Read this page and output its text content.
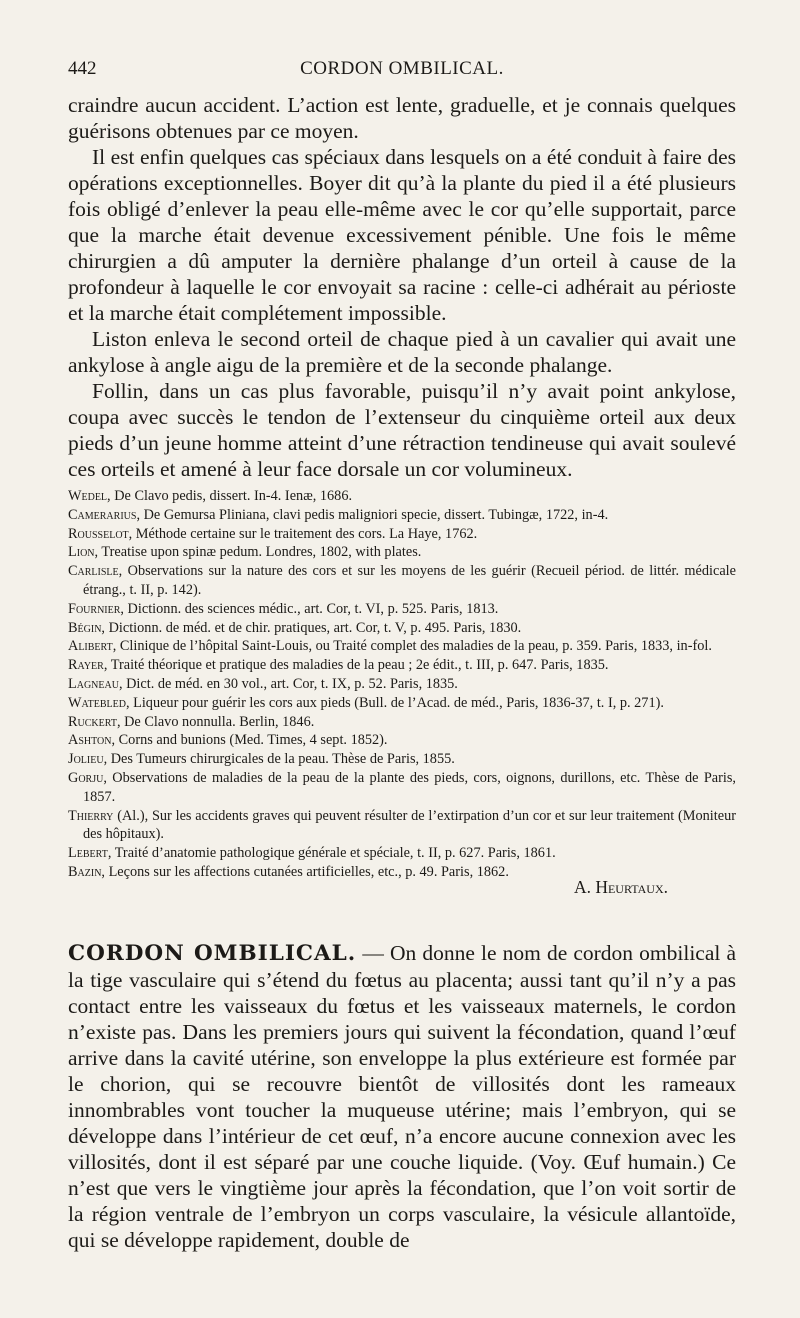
442	CORDON OMBILICAL.

craindre aucun accident. L’action est lente, graduelle, et je connais quelques guérisons obtenues par ce moyen.

Il est enfin quelques cas spéciaux dans lesquels on a été conduit à faire des opérations exceptionnelles. Boyer dit qu’à la plante du pied il a été plusieurs fois obligé d’enlever la peau elle-même avec le cor qu’elle supportait, parce que la marche était devenue excessivement pénible. Une fois le même chirurgien a dû amputer la dernière phalange d’un orteil à cause de la profondeur à laquelle le cor envoyait sa racine : celle-ci adhérait au périoste et la marche était complétement impossible.

Liston enleva le second orteil de chaque pied à un cavalier qui avait une ankylose à angle aigu de la première et de la seconde phalange.

Follin, dans un cas plus favorable, puisqu’il n’y avait point ankylose, coupa avec succès le tendon de l’extenseur du cinquième orteil aux deux pieds d’un jeune homme atteint d’une rétraction tendineuse qui avait soulevé ces orteils et amené à leur face dorsale un cor volumineux.

Wedel, De Clavo pedis, dissert. In-4. Ienæ, 1686.
Camerarius, De Gemursa Pliniana, clavi pedis maligniori specie, dissert. Tubingæ, 1722, in-4.
Rousselot, Méthode certaine sur le traitement des cors. La Haye, 1762.
Lion, Treatise upon spinæ pedum. Londres, 1802, with plates.
Carlisle, Observations sur la nature des cors et sur les moyens de les guérir (Recueil périod. de littér. médicale étrang., t. II, p. 142).
Fournier, Dictionn. des sciences médic., art. Cor, t. VI, p. 525. Paris, 1813.
Bégin, Dictionn. de méd. et de chir. pratiques, art. Cor, t. V, p. 495. Paris, 1830.
Alibert, Clinique de l’hôpital Saint-Louis, ou Traité complet des maladies de la peau, p. 359. Paris, 1833, in-fol.
Rayer, Traité théorique et pratique des maladies de la peau ; 2e édit., t. III, p. 647. Paris, 1835.
Lagneau, Dict. de méd. en 30 vol., art. Cor, t. IX, p. 52. Paris, 1835.
Watebled, Liqueur pour guérir les cors aux pieds (Bull. de l’Acad. de méd., Paris, 1836-37, t. I, p. 271).
Ruckert, De Clavo nonnulla. Berlin, 1846.
Ashton, Corns and bunions (Med. Times, 4 sept. 1852).
Jolieu, Des Tumeurs chirurgicales de la peau. Thèse de Paris, 1855.
Gorju, Observations de maladies de la peau de la plante des pieds, cors, oignons, durillons, etc. Thèse de Paris, 1857.
Thierry (Al.), Sur les accidents graves qui peuvent résulter de l’extirpation d’un cor et sur leur traitement (Moniteur des hôpitaux).
Lebert, Traité d’anatomie pathologique générale et spéciale, t. II, p. 627. Paris, 1861.
Bazin, Leçons sur les affections cutanées artificielles, etc., p. 49. Paris, 1862.
A. Heurtaux.

CORDON OMBILICAL. — On donne le nom de cordon ombilical à la tige vasculaire qui s’étend du fœtus au placenta; aussi tant qu’il n’y a pas contact entre les vaisseaux du fœtus et les vaisseaux maternels, le cordon n’existe pas. Dans les premiers jours qui suivent la fécondation, quand l’œuf arrive dans la cavité utérine, son enveloppe la plus extérieure est formée par le chorion, qui se recouvre bientôt de villosités dont les rameaux innombrables vont toucher la muqueuse utérine; mais l’embryon, qui se développe dans l’intérieur de cet œuf, n’a encore aucune connexion avec les villosités, dont il est séparé par une couche liquide. (Voy. Œuf humain.) Ce n’est que vers le vingtième jour après la fécondation, que l’on voit sortir de la région ventrale de l’embryon un corps vasculaire, la vésicule allantoïde, qui se développe rapidement, double de
